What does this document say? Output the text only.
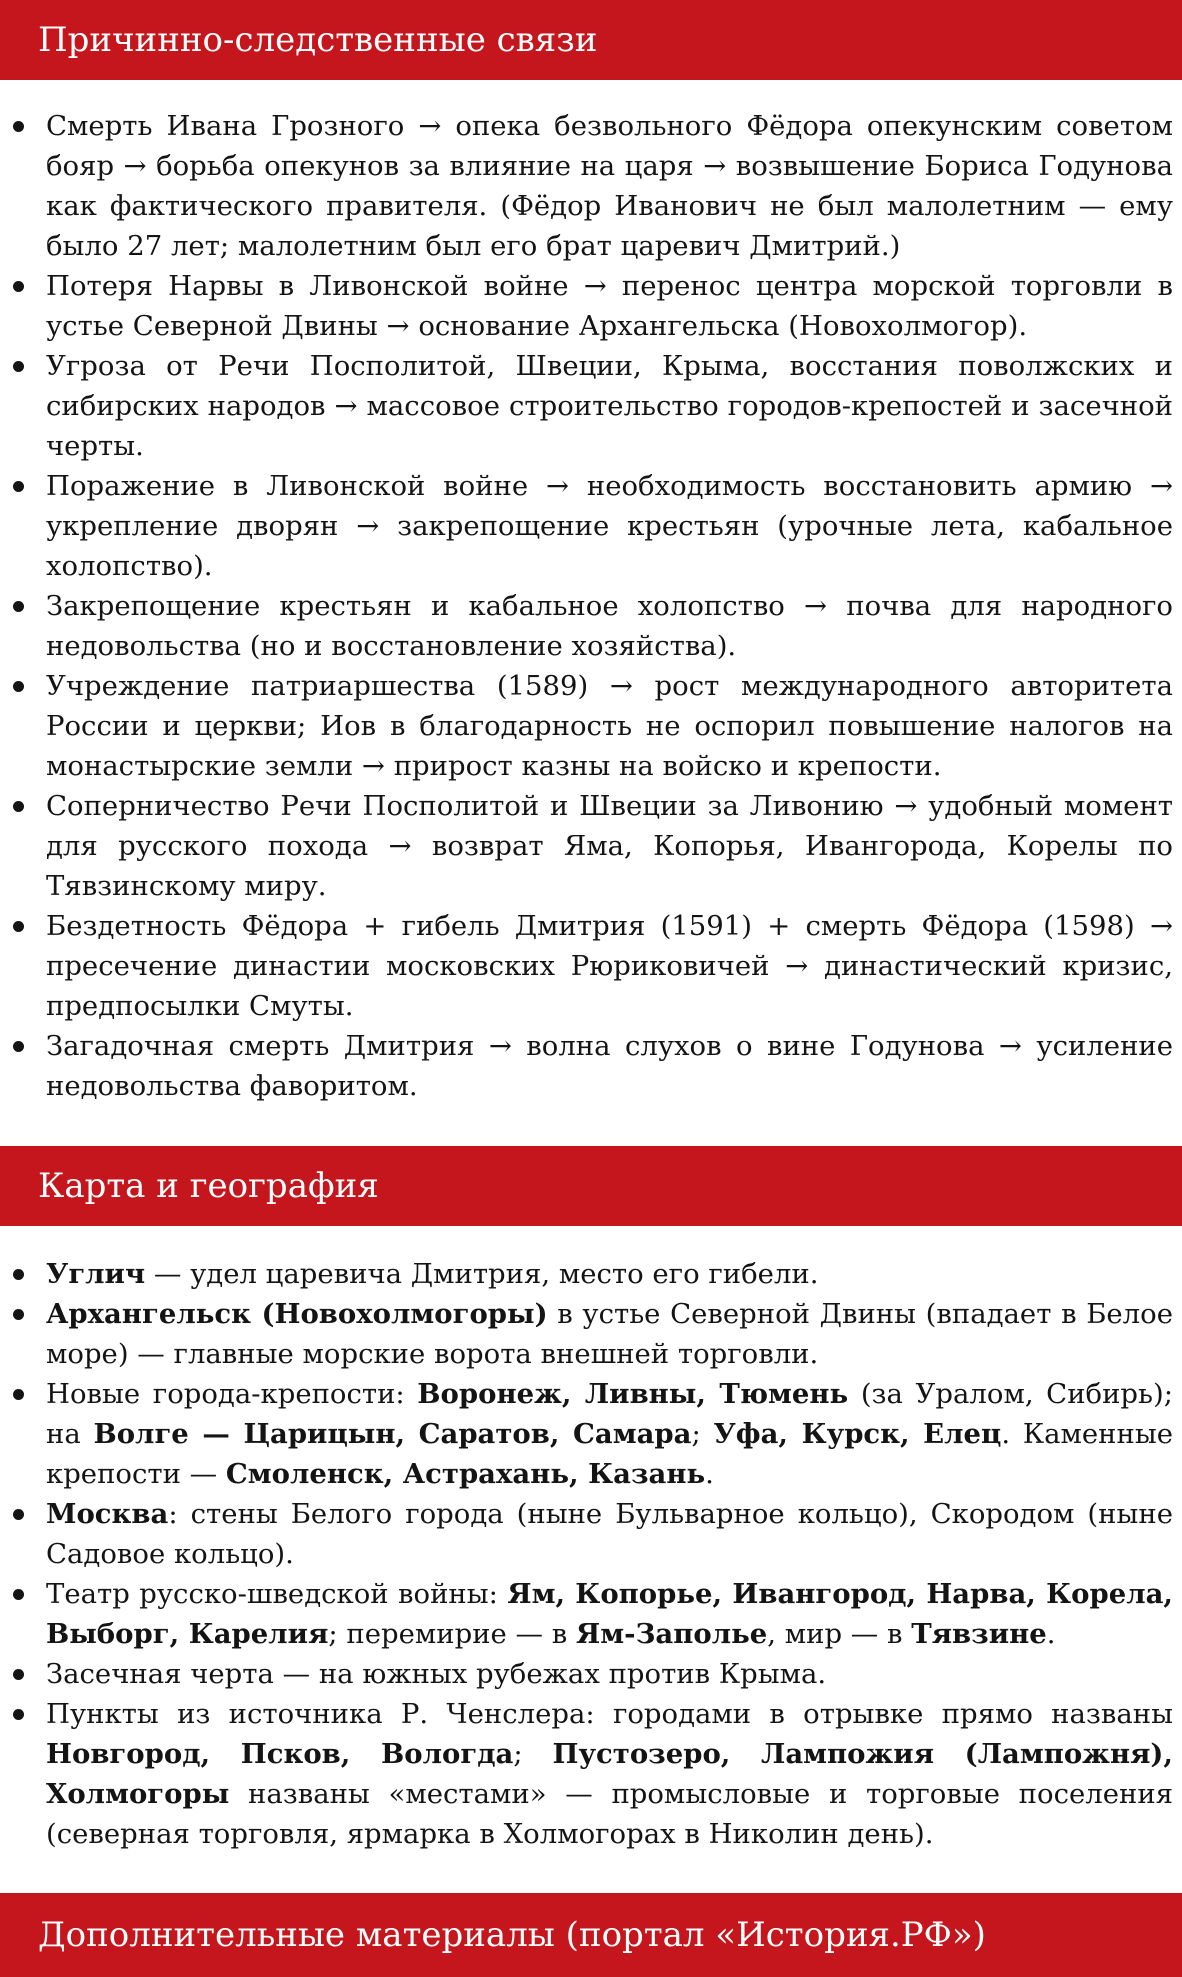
Причинно-следственные связи
Смерть Ивана Грозного → опека безвольного Фёдора опекунским советом бояр → борьба опекунов за влияние на царя → возвышение Бориса Годунова как фактического правителя. (Фёдор Иванович не был малолетним — ему было 27 лет; малолетним был его брат царевич Дмитрий.)
Потеря Нарвы в Ливонской войне → перенос центра морской торговли в устье Северной Двины → основание Архангельска (Новохолмогор).
Угроза от Речи Посполитой, Швеции, Крыма, восстания поволжских и сибирских народов → массовое строительство городов-крепостей и засечной черты.
Поражение в Ливонской войне → необходимость восстановить армию → укрепление дворян → закрепощение крестьян (урочные лета, кабальное холопство).
Закрепощение крестьян и кабальное холопство → почва для народного недовольства (но и восстановление хозяйства).
Учреждение патриаршества (1589) → рост международного авторитета России и церкви; Иов в благодарность не оспорил повышение налогов на монастырские земли → прирост казны на войско и крепости.
Соперничество Речи Посполитой и Швеции за Ливонию → удобный момент для русского похода → возврат Яма, Копорья, Ивангорода, Корелы по Тявзинскому миру.
Бездетность Фёдора + гибель Дмитрия (1591) + смерть Фёдора (1598) → пресечение династии московских Рюриковичей → династический кризис, предпосылки Смуты.
Загадочная смерть Дмитрия → волна слухов о вине Годунова → усиление недовольства фаворитом.
Карта и география
Углич — удел царевича Дмитрия, место его гибели.
Архангельск (Новохолмогоры) в устье Северной Двины (впадает в Белое море) — главные морские ворота внешней торговли.
Новые города-крепости: Воронеж, Ливны, Тюмень (за Уралом, Сибирь); на Волге — Царицын, Саратов, Самара; Уфа, Курск, Елец. Каменные крепости — Смоленск, Астрахань, Казань.
Москва: стены Белого города (ныне Бульварное кольцо), Скородом (ныне Садовое кольцо).
Театр русско-шведской войны: Ям, Копорье, Ивангород, Нарва, Корела, Выборг, Карелия; перемирие — в Ям-Заполье, мир — в Тявзине.
Засечная черта — на южных рубежах против Крыма.
Пункты из источника Р. Ченслера: городами в отрывке прямо названы Новгород, Псков, Вологда; Пустозеро, Лампожия (Лампожня), Холмогоры названы «местами» — промысловые и торговые поселения (северная торговля, ярмарка в Холмогорах в Николин день).
Дополнительные материалы (портал «История.РФ»)
